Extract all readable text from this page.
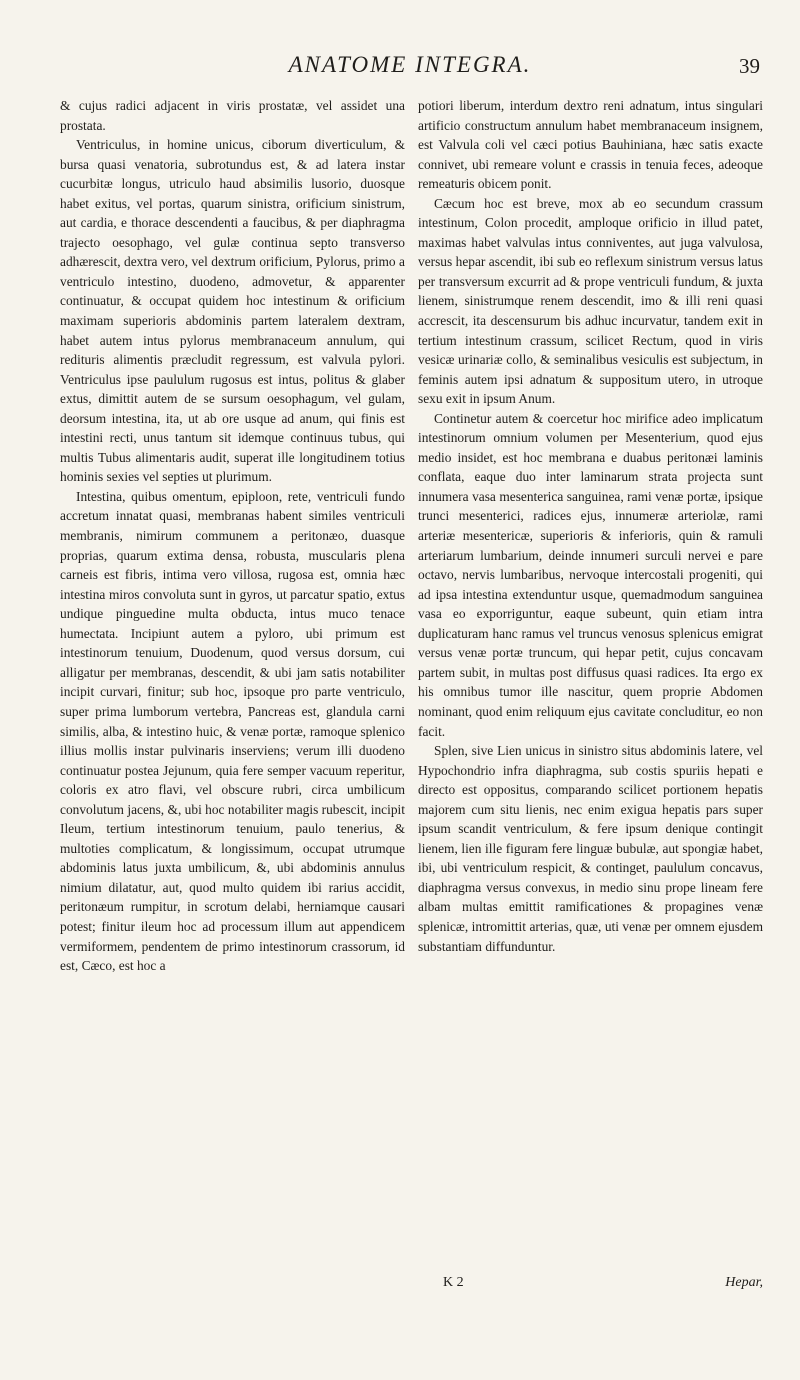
ANATOME INTEGRA.	39

& cujus radici adjacent in viris prostatæ, vel assidet una prostata.

Ventriculus, in homine unicus, ciborum diverticulum, & bursa quasi venatoria, subrotundus est, & ad latera instar cucurbitæ longus, utriculo haud absimilis lusorio, duosque habet exitus, vel portas, quarum sinistra, orificium sinistrum, aut cardia, e thorace descendenti a faucibus, & per diaphragma trajecto oesophago, vel gulæ continua septo transverso adhærescit, dextra vero, vel dextrum orificium, Pylorus, primo a ventriculo intestino, duodeno, admovetur, & apparenter continuatur, & occupat quidem hoc intestinum & orificium maximam superioris abdominis partem lateralem dextram, habet autem intus pylorus membranaceum annulum, qui redituris alimentis præcludit regressum, est valvula pylori. Ventriculus ipse paululum rugosus est intus, politus & glaber extus, dimittit autem de se sursum oesophagum, vel gulam, deorsum intestina, ita, ut ab ore usque ad anum, qui finis est intestini recti, unus tantum sit idemque continuus tubus, qui multis Tubus alimentaris audit, superat ille longitudinem totius hominis sexies vel septies ut plurimum.

Intestina, quibus omentum, epiploon, rete, ventriculi fundo accretum innatat quasi, membranas habent similes ventriculi membranis, nimirum communem a peritonæo, duasque proprias, quarum extima densa, robusta, muscularis plena carneis est fibris, intima vero villosa, rugosa est, omnia hæc intestina miros convoluta sunt in gyros, ut parcatur spatio, extus undique pinguedine multa obducta, intus muco tenace humectata. Incipiunt autem a pyloro, ubi primum est intestinorum tenuium, Duodenum, quod versus dorsum, cui alligatur per membranas, descendit, & ubi jam satis notabiliter incipit curvari, finitur; sub hoc, ipsoque pro parte ventriculo, super prima lumborum vertebra, Pancreas est, glandula carni similis, alba, & intestino huic, & venæ portæ, ramoque splenico illius mollis instar pulvinaris inserviens; verum illi duodeno continuatur postea Jejunum, quia fere semper vacuum reperitur, coloris ex atro flavi, vel obscure rubri, circa umbilicum convolutum jacens, &, ubi hoc notabiliter magis rubescit, incipit Ileum, tertium intestinorum tenuium, paulo tenerius, & multoties complicatum, & longissimum, occupat utrumque abdominis latus juxta umbilicum, &, ubi abdominis annulus nimium dilatatur, aut, quod multo quidem ibi rarius accidit, peritonæum rumpitur, in scrotum delabi, herniamque causari potest; finitur ileum hoc ad processum illum aut appendicem vermiformem, pendentem de primo intestinorum crassorum, id est, Cæco, est hoc a

potiori liberum, interdum dextro reni adnatum, intus singulari artificio constructum annulum habet membranaceum insignem, est Valvula coli vel cæci potius Bauhiniana, hæc satis exacte connivet, ubi remeare volunt e crassis in tenuia feces, adeoque remeaturis obicem ponit.

Cæcum hoc est breve, mox ab eo secundum crassum intestinum, Colon procedit, amploque orificio in illud patet, maximas habet valvulas intus conniventes, aut juga valvulosa, versus hepar ascendit, ibi sub eo reflexum sinistrum versus latus per transversum excurrit ad & prope ventriculi fundum, & juxta lienem, sinistrumque renem descendit, imo & illi reni quasi accrescit, ita descensurum bis adhuc incurvatur, tandem exit in tertium intestinum crassum, scilicet Rectum, quod in viris vesicæ urinariæ collo, & seminalibus vesiculis est subjectum, in feminis autem ipsi adnatum & suppositum utero, in utroque sexu exit in ipsum Anum.

Continetur autem & coercetur hoc mirifice adeo implicatum intestinorum omnium volumen per Mesenterium, quod ejus medio insidet, est hoc membrana e duabus peritonæi laminis conflata, eaque duo inter laminarum strata projecta sunt innumera vasa mesenterica sanguinea, rami venæ portæ, ipsique trunci mesenterici, radices ejus, innumeræ arteriolæ, rami arteriæ mesentericæ, superioris & inferioris, quin & ramuli arteriarum lumbarium, deinde innumeri surculi nervei e pare octavo, nervis lumbaribus, nervoque intercostali progeniti, qui ad ipsa intestina extenduntur usque, quemadmodum sanguinea vasa eo exporriguntur, eaque subeunt, quin etiam intra duplicaturam hanc ramus vel truncus venosus splenicus emigrat versus venæ portæ truncum, qui hepar petit, cujus concavam partem subit, in multas post diffusus quasi radices. Ita ergo ex his omnibus tumor ille nascitur, quem proprie Abdomen nominant, quod enim reliquum ejus cavitate concluditur, eo non facit.

Splen, sive Lien unicus in sinistro situs abdominis latere, vel Hypochondrio infra diaphragma, sub costis spuriis hepati e directo est oppositus, comparando scilicet portionem hepatis majorem cum situ lienis, nec enim exigua hepatis pars super ipsum scandit ventriculum, & fere ipsum denique contingit lienem, lien ille figuram fere linguæ bubulæ, aut spongiæ habet, ibi, ubi ventriculum respicit, & continget, paululum concavus, diaphragma versus convexus, in medio sinu prope lineam fere albam multas emittit ramificationes & propagines venæ splenicæ, intromittit arterias, quæ, uti venæ per omnem ejusdem substantiam diffunduntur.

K 2	Hepar,
